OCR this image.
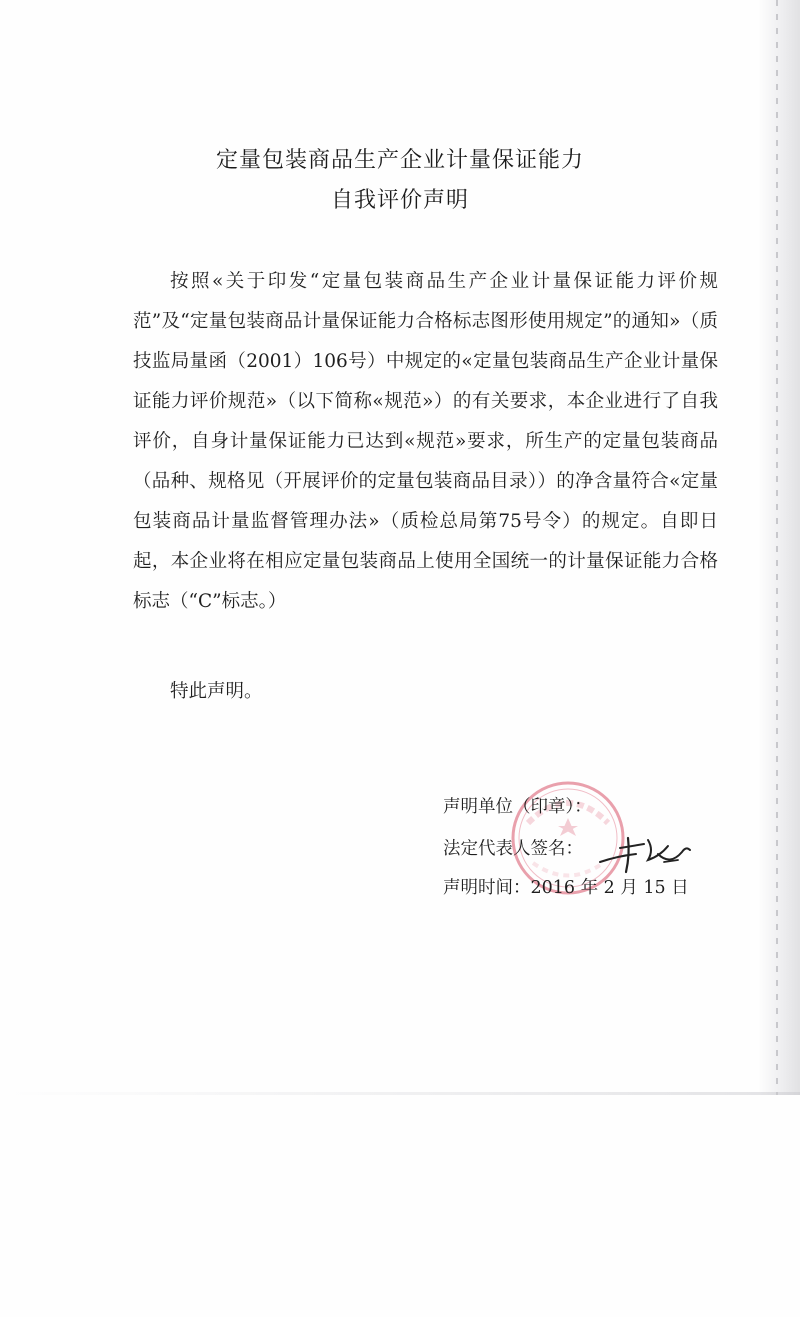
定量包装商品生产企业计量保证能力
自我评价声明
按照«关于印发“定量包装商品生产企业计量保证能力评价规范”及“定量包装商品计量保证能力合格标志图形使用规定”的通知»（质技监局量函（2001）106号）中规定的«定量包装商品生产企业计量保证能力评价规范»（以下简称«规范»）的有关要求，本企业进行了自我评价，自身计量保证能力已达到«规范»要求，所生产的定量包装商品（品种、规格见（开展评价的定量包装商品目录））的净含量符合«定量包装商品计量监督管理办法»（质检总局第75号令）的规定。自即日起，本企业将在相应定量包装商品上使用全国统一的计量保证能力合格标志（“C”标志。）
特此声明。
声明单位（印章）：
法定代表人签名：
声明时间：2016 年 2 月 15 日
